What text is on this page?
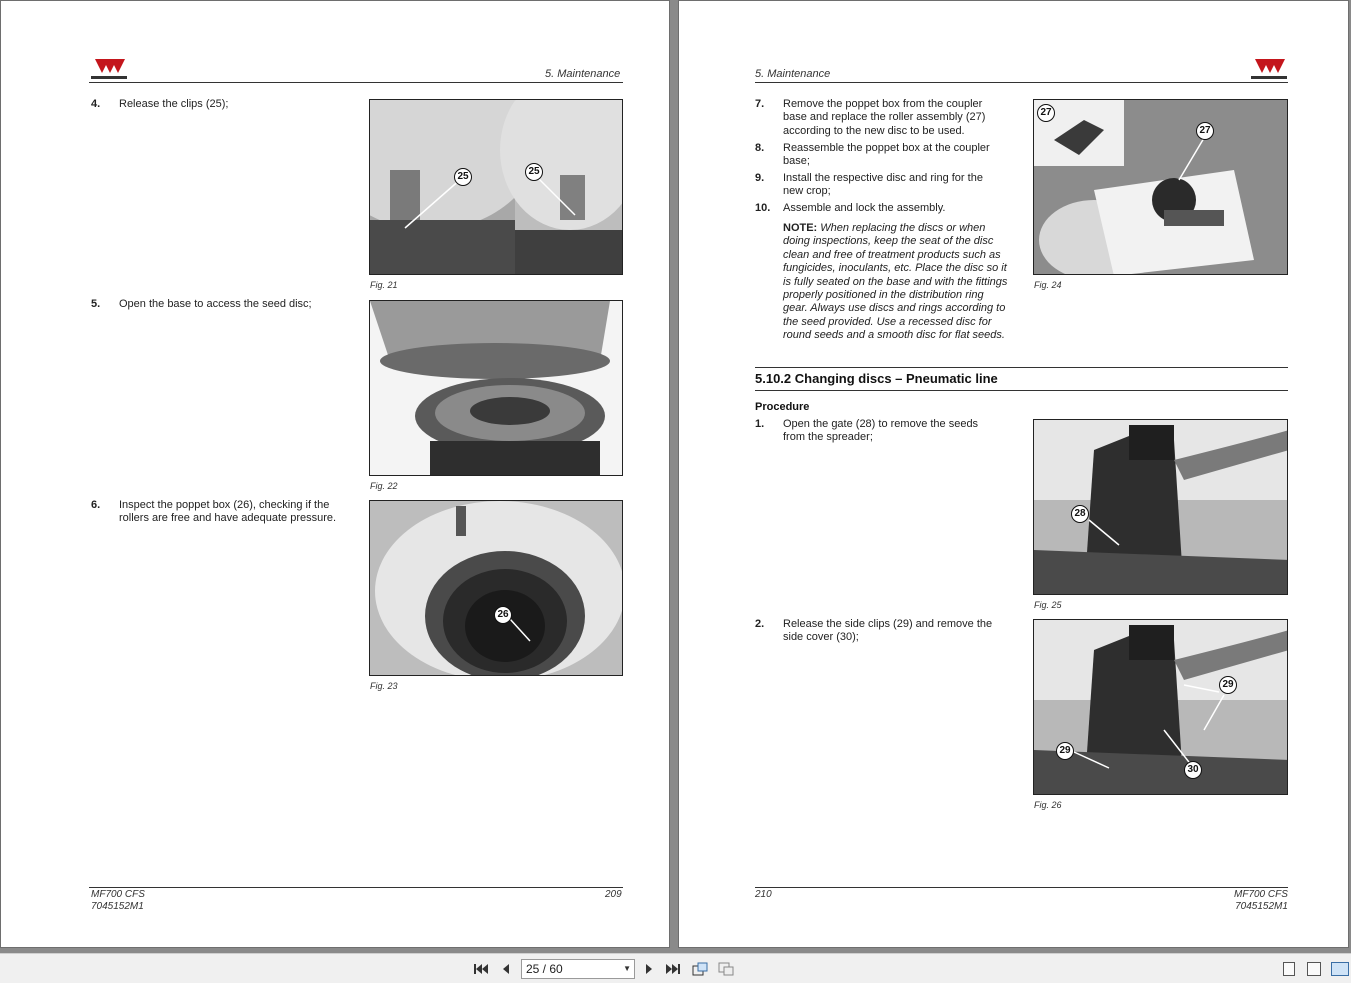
5. Maintenance
4. Release the clips (25);
25	25
Fig. 21
5. Open the base to access the seed disc;
Fig. 22
6. Inspect the poppet box (26), checking if the rollers are free and have adequate pressure.
26
Fig. 23
MF700 CFS
7045152M1
209
5. Maintenance
7. Remove the poppet box from the coupler base and replace the roller assembly (27) according to the new disc to be used.
8. Reassemble the poppet box at the coupler base;
9. Install the respective disc and ring for the new crop;
10. Assemble and lock the assembly.
NOTE: When replacing the discs or when doing inspections, keep the seat of the disc clean and free of treatment products such as fungicides, inoculants, etc. Place the disc so it is fully seated on the base and with the fittings properly positioned in the distribution ring gear. Always use discs and rings according to the seed provided. Use a recessed disc for round seeds and a smooth disc for flat seeds.
27
27
Fig. 24
5.10.2 Changing discs – Pneumatic line
Procedure
1. Open the gate (28) to remove the seeds from the spreader;
28
Fig. 25
2. Release the side clips (29) and remove the side cover (30);
29
29
30
Fig. 26
210	MF700 CFS
7045152M1
25 / 60	▼
